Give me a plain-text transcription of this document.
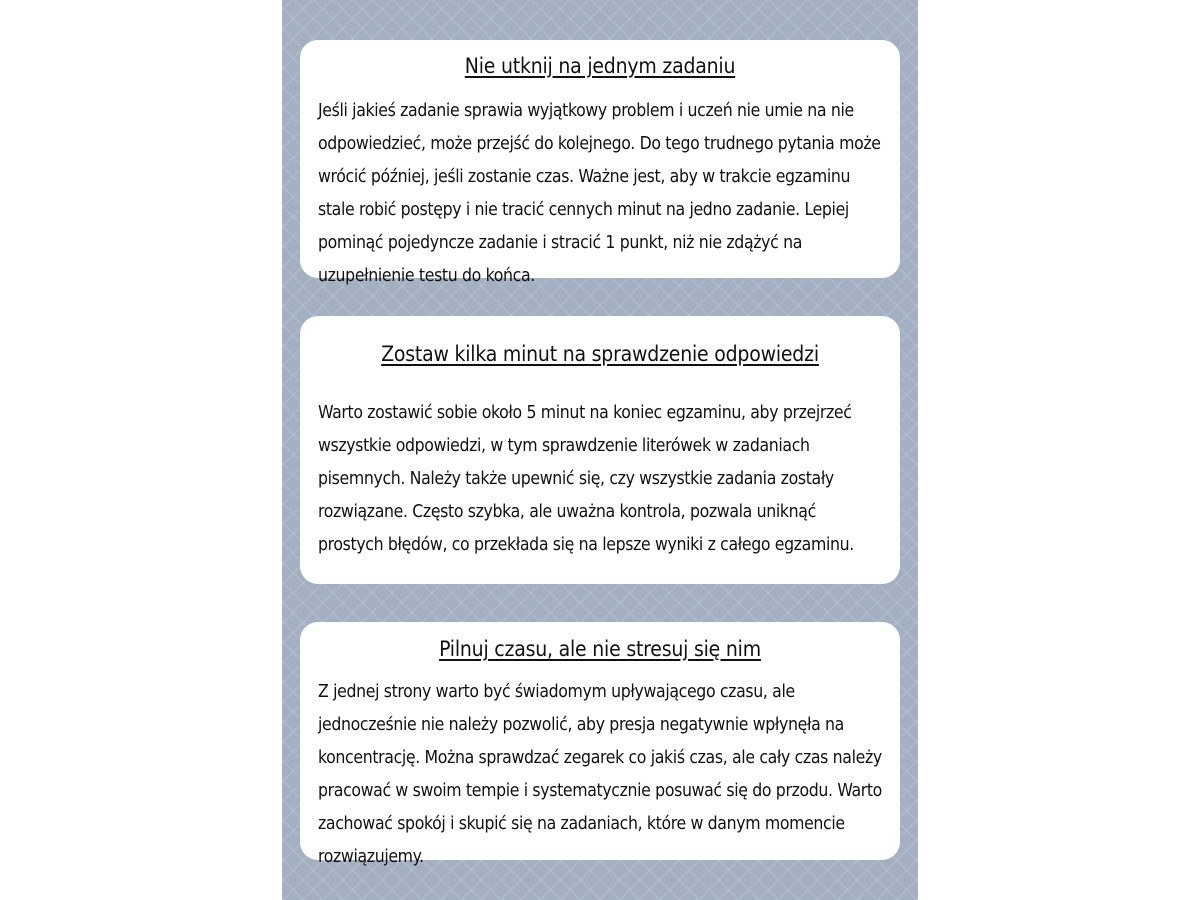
Nie utknij na jednym zadaniu

Jeśli jakieś zadanie sprawia wyjątkowy problem i uczeń nie umie na nie odpowiedzieć, może przejść do kolejnego. Do tego trudnego pytania może wrócić później, jeśli zostanie czas. Ważne jest, aby w trakcie egzaminu stale robić postępy i nie tracić cennych minut na jedno zadanie. Lepiej pominąć pojedyncze zadanie i stracić 1 punkt, niż nie zdążyć na uzupełnienie testu do końca.

Zostaw kilka minut na sprawdzenie odpowiedzi

Warto zostawić sobie około 5 minut na koniec egzaminu, aby przejrzeć wszystkie odpowiedzi, w tym sprawdzenie literówek w zadaniach pisemnych. Należy także upewnić się, czy wszystkie zadania zostały rozwiązane. Często szybka, ale uważna kontrola, pozwala uniknąć prostych błędów, co przekłada się na lepsze wyniki z całego egzaminu.

Pilnuj czasu, ale nie stresuj się nim

Z jednej strony warto być świadomym upływającego czasu, ale jednocześnie nie należy pozwolić, aby presja negatywnie wpłynęła na koncentrację. Można sprawdzać zegarek co jakiś czas, ale cały czas należy pracować w swoim tempie i systematycznie posuwać się do przodu. Warto zachować spokój i skupić się na zadaniach, które w danym momencie rozwiązujemy.
